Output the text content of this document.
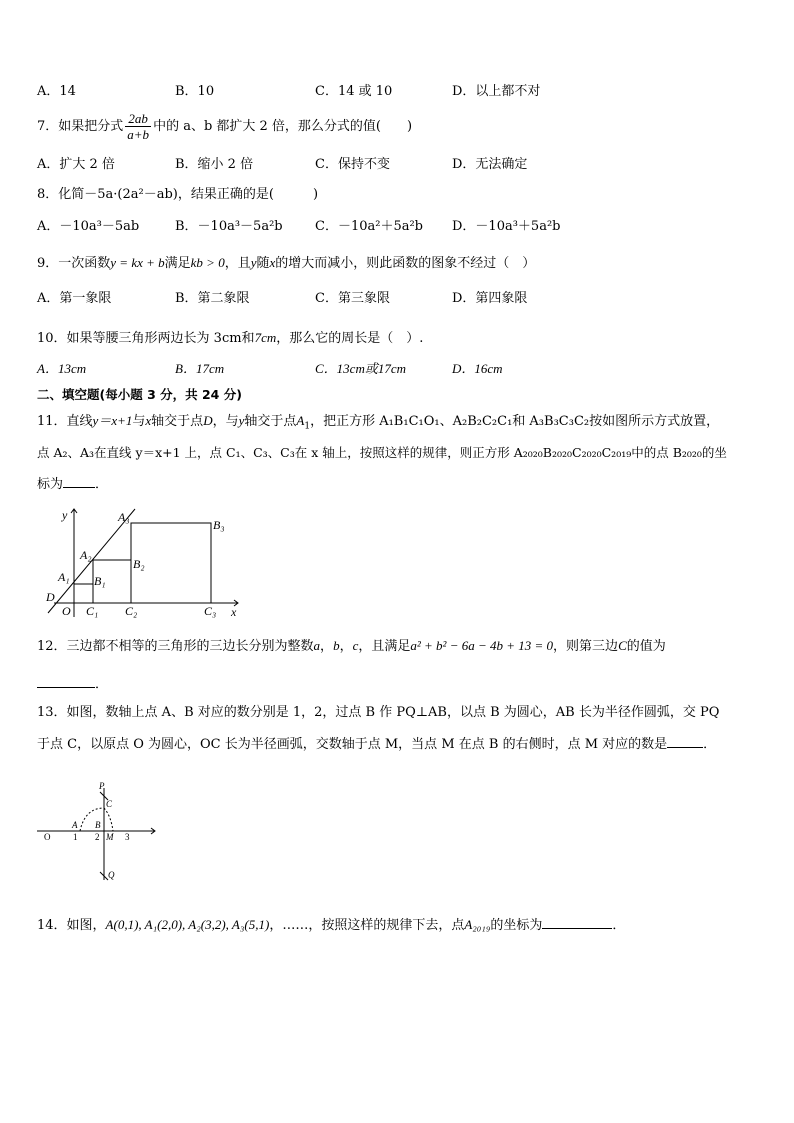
A．14	B．10	C．14 或 10	D．以上都不对
7．如果把分式 $\frac{2ab}{a+b}$ 中的 a、b 都扩大 2 倍，那么分式的值(　　)
A．扩大 2 倍	B．缩小 2 倍	C．保持不变	D．无法确定
8．化简－5a·(2a²－ab)，结果正确的是(　　　)
A．－10a³－5ab	B．－10a³－5a²b C．－10a²＋5a²b D．－10a³＋5a²b
9．一次函数y = kx + b满足kb > 0，且y随x的增大而减小，则此函数的图象不经过（　）
A．第一象限	B．第二象限	C．第三象限	D．第四象限
10．如果等腰三角形两边长为 3cm和7cm，那么它的周长是（　）.
A．13cm	B．17cm	C．13cm或17cm	D．16cm
二、填空题(每小题 3 分，共 24 分)
11．直线y＝x+1与x轴交于点D，与y轴交于点$A_1$，把正方形 A₁B₁C₁O₁、A₂B₂C₂C₁和 A₃B₃C₃C₂按如图所示方式放置，
点 A₂、A₃在直线 y＝x+1 上，点 C₁、C₃、C₃在 x 轴上，按照这样的规律，则正方形 A₂₀₂₀B₂₀₂₀C₂₀₂₀C₂₀₁₉中的点 B₂₀₂₀的坐
标为 ．
y
x
O
D
A₁
A₂
A₃
B₁
B₂
B₃
C₁ C₂	C₃
12．三边都不相等的三角形的三边长分别为整数a，b，c，且满足a² + b² − 6a − 4b + 13 = 0，则第三边C的值为
．
13．如图，数轴上点 A、B 对应的数分别是 1，2，过点 B 作 PQ⊥AB，以点 B 为圆心，AB 长为半径作圆弧，交 PQ
于点 C，以原点 O 为圆心，OC 长为半径画弧，交数轴于点 M，当点 M 在点 B 的右侧时，点 M 对应的数是	．
P
C
A B
M
Q
O	1 2	3
14．如图，A(0,1), A₁(2,0), A₂(3,2), A₃(5,1)，……，按照这样的规律下去，点A₂₀₁₉的坐标为	．
